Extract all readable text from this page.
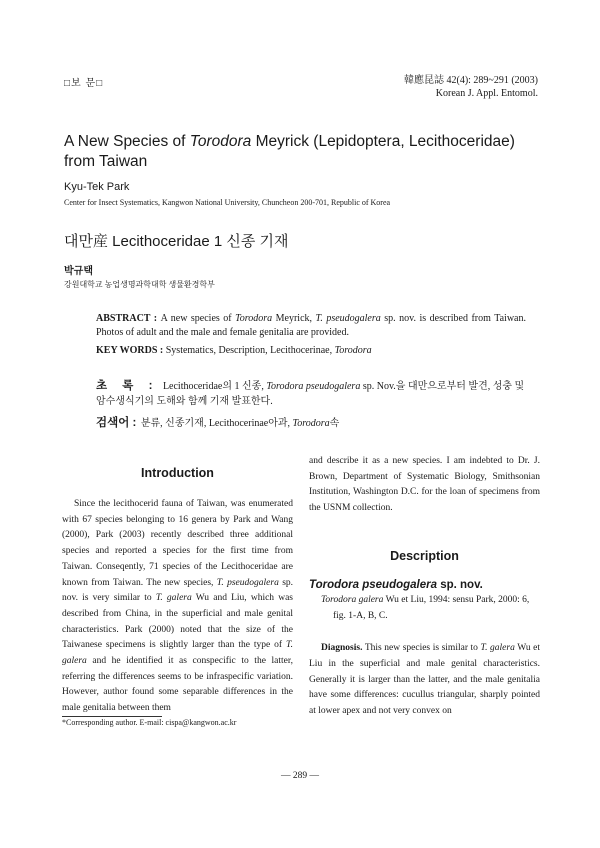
□보 문□	韓應昆誌 42(4): 289~291 (2003)
Korean J. Appl. Entomol.
A New Species of Torodora Meyrick (Lepidoptera, Lecithoceridae)
from Taiwan
Kyu-Tek Park
Center for Insect Systematics, Kangwon National University, Chuncheon 200-701, Republic of Korea
대만産 Lecithoceridae 1 신종 기재
박규택
강원대학교 농업생명과학대학 생물환경학부
ABSTRACT : A new species of Torodora Meyrick, T. pseudogalera sp. nov. is described from Taiwan. Photos of adult and the male and female genitalia are provided.
KEY WORDS : Systematics, Description, Lecithocerinae, Torodora
초 록 : Lecithoceridae의 1 신종, Torodora pseudogalera sp. Nov.을 대만으로부터 발견, 성충 및 암수생식기의 도해와 함께 기재 발표한다.
검색어 : 분류, 신종기재, Lecithocerinae아과, Torodora속
Introduction

Since the lecithocerid fauna of Taiwan, was enumerated with 67 species belonging to 16 genera by Park and Wang (2000), Park (2003) recently described three additional species and reported a species for the first time from Taiwan. Conseqently, 71 species of the Lecithoceridae are known from Taiwan. The new species, T. pseudogalera sp. nov. is very similar to T. galera Wu and Liu, which was described from China, in the superficial and male genital characteristics. Park (2000) noted that the size of the Taiwanese specimens is slightly larger than the type of T. galera and he identified it as conspecific to the latter, referring the differences seems to be infraspecific variation. However, author found some separable differences in the male genitalia between them

and describe it as a new species. I am indebted to Dr. J. Brown, Department of Systematic Biology, Smithsonian Institution, Washington D.C. for the loan of specimens from the USNM collection.

Description
Torodora pseudogalera sp. nov.
Torodora galera Wu et Liu, 1994: sensu Park, 2000: 6, fig. 1-A, B, C.

Diagnosis. This new species is similar to T. galera Wu et Liu in the superficial and male genital characteristics. Generally it is larger than the latter, and the male genitalia have some differences: cucullus triangular, sharply pointed at lower apex and not very convex on

*Corresponding author. E-mail: cispa@kangwon.ac.kr
— 289 —
